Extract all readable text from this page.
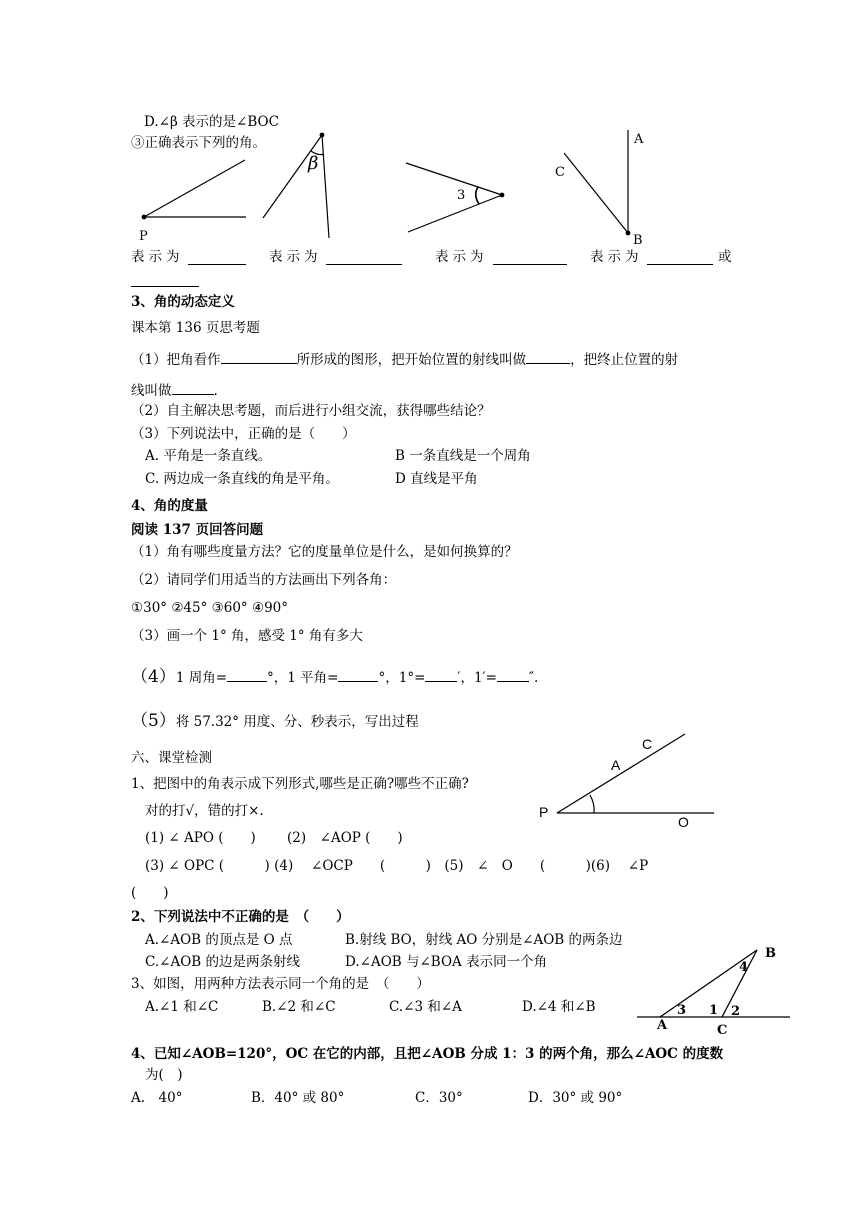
D.∠β 表示的是∠BOC
③正确表示下列的角。
P
β
3
A
C
B
表示为	表示为	表示为	表示为	或
3、角的动态定义
课本第 136 页思考题
（1）把角看作	所形成的图形，把开始位置的射线叫做	，把终止位置的射
线叫做	.
（2）自主解决思考题，而后进行小组交流，获得哪些结论？
（3）下列说法中，正确的是（　　）
A. 平角是一条直线。	B 一条直线是一个周角
C. 两边成一条直线的角是平角。	D 直线是平角
4、角的度量
阅读 137 页回答问题
（1）角有哪些度量方法？它的度量单位是什么，是如何换算的？
（2）请同学们用适当的方法画出下列各角：
①30° ②45° ③60° ④90°
（3）画一个 1° 角，感受 1° 角有多大
（4）1 周角=	°，1 平角=	°，1°= ′，1′= ″.
（5）将 57.32° 用度、分、秒表示，写出过程
六、课堂检测
1、把图中的角表示成下列形式,哪些是正确?哪些不正确?
对的打√，错的打×.
(1) ∠ APO (　　)　　 (2)　∠AOP (　　)
(3) ∠ OPC (　　　) (4)　 ∠OCP　　(　　　)　(5)　∠　O　　(　　　)(6)　 ∠P
(　　)
C
A
P
O
2、下列说法中不正确的是　（　　）
A.∠AOB 的顶点是 O 点	B.射线 BO，射线 AO 分别是∠AOB 的两条边
C.∠AOB 的边是两条射线	D.∠AOB 与∠BOA 表示同一个角
3、如图，用两种方法表示同一个角的是　（　　）
A.∠1 和∠C	B.∠2 和∠C	C.∠3 和∠A	D.∠4 和∠B
B
4
3 1 2
A	C
4、已知∠AOB=120°，OC 在它的内部，且把∠AOB 分成 1：3 的两个角，那么∠AOC 的度数
为(　)
A.　40°	B．40° 或 80°	C．30°	D．30° 或 90°
